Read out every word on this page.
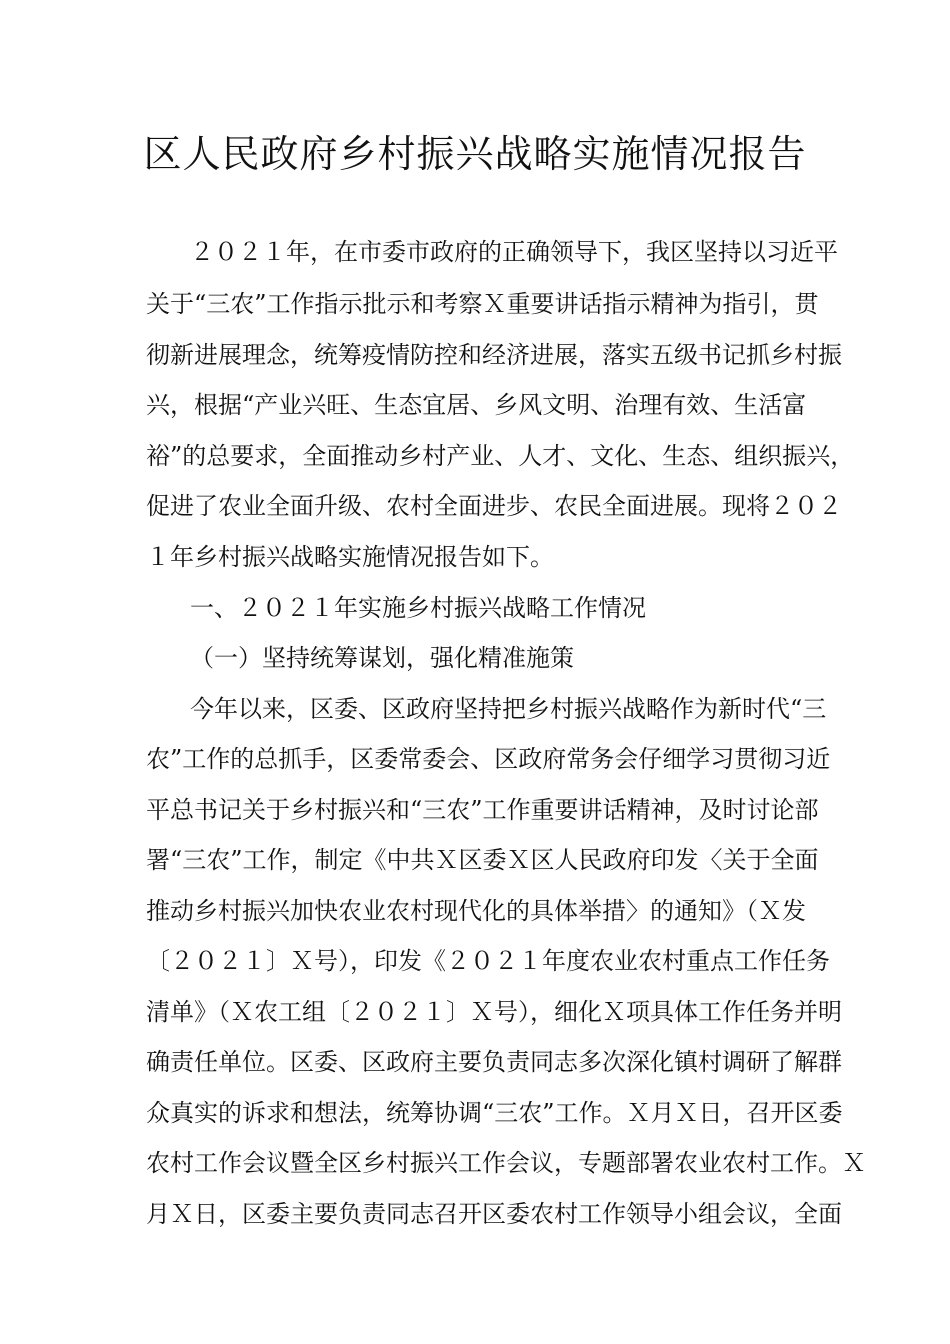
区人民政府乡村振兴战略实施情况报告

２０２１年，在市委市政府的正确领导下，我区坚持以习近平

关于“三农”工作指示批示和考察Ｘ重要讲话指示精神为指引，贯

彻新进展理念，统筹疫情防控和经济进展，落实五级书记抓乡村振

兴，根据“产业兴旺、生态宜居、乡风文明、治理有效、生活富

裕”的总要求，全面推动乡村产业、人才、文化、生态、组织振兴，

促进了农业全面升级、农村全面进步、农民全面进展。现将２０２

１年乡村振兴战略实施情况报告如下。

一、２０２１年实施乡村振兴战略工作情况

（一）坚持统筹谋划，强化精准施策

今年以来，区委、区政府坚持把乡村振兴战略作为新时代“三

农”工作的总抓手，区委常委会、区政府常务会仔细学习贯彻习近

平总书记关于乡村振兴和“三农”工作重要讲话精神，及时讨论部

署“三农”工作，制定《中共Ｘ区委Ｘ区人民政府印发〈关于全面

推动乡村振兴加快农业农村现代化的具体举措〉的通知》（Ｘ发

〔２０２１〕Ｘ号），印发《２０２１年度农业农村重点工作任务

清单》（Ｘ农工组〔２０２１〕Ｘ号），细化Ｘ项具体工作任务并明

确责任单位。区委、区政府主要负责同志多次深化镇村调研了解群

众真实的诉求和想法，统筹协调“三农”工作。Ｘ月Ｘ日，召开区委

农村工作会议暨全区乡村振兴工作会议，专题部署农业农村工作。Ｘ

月Ｘ日，区委主要负责同志召开区委农村工作领导小组会议，全面
